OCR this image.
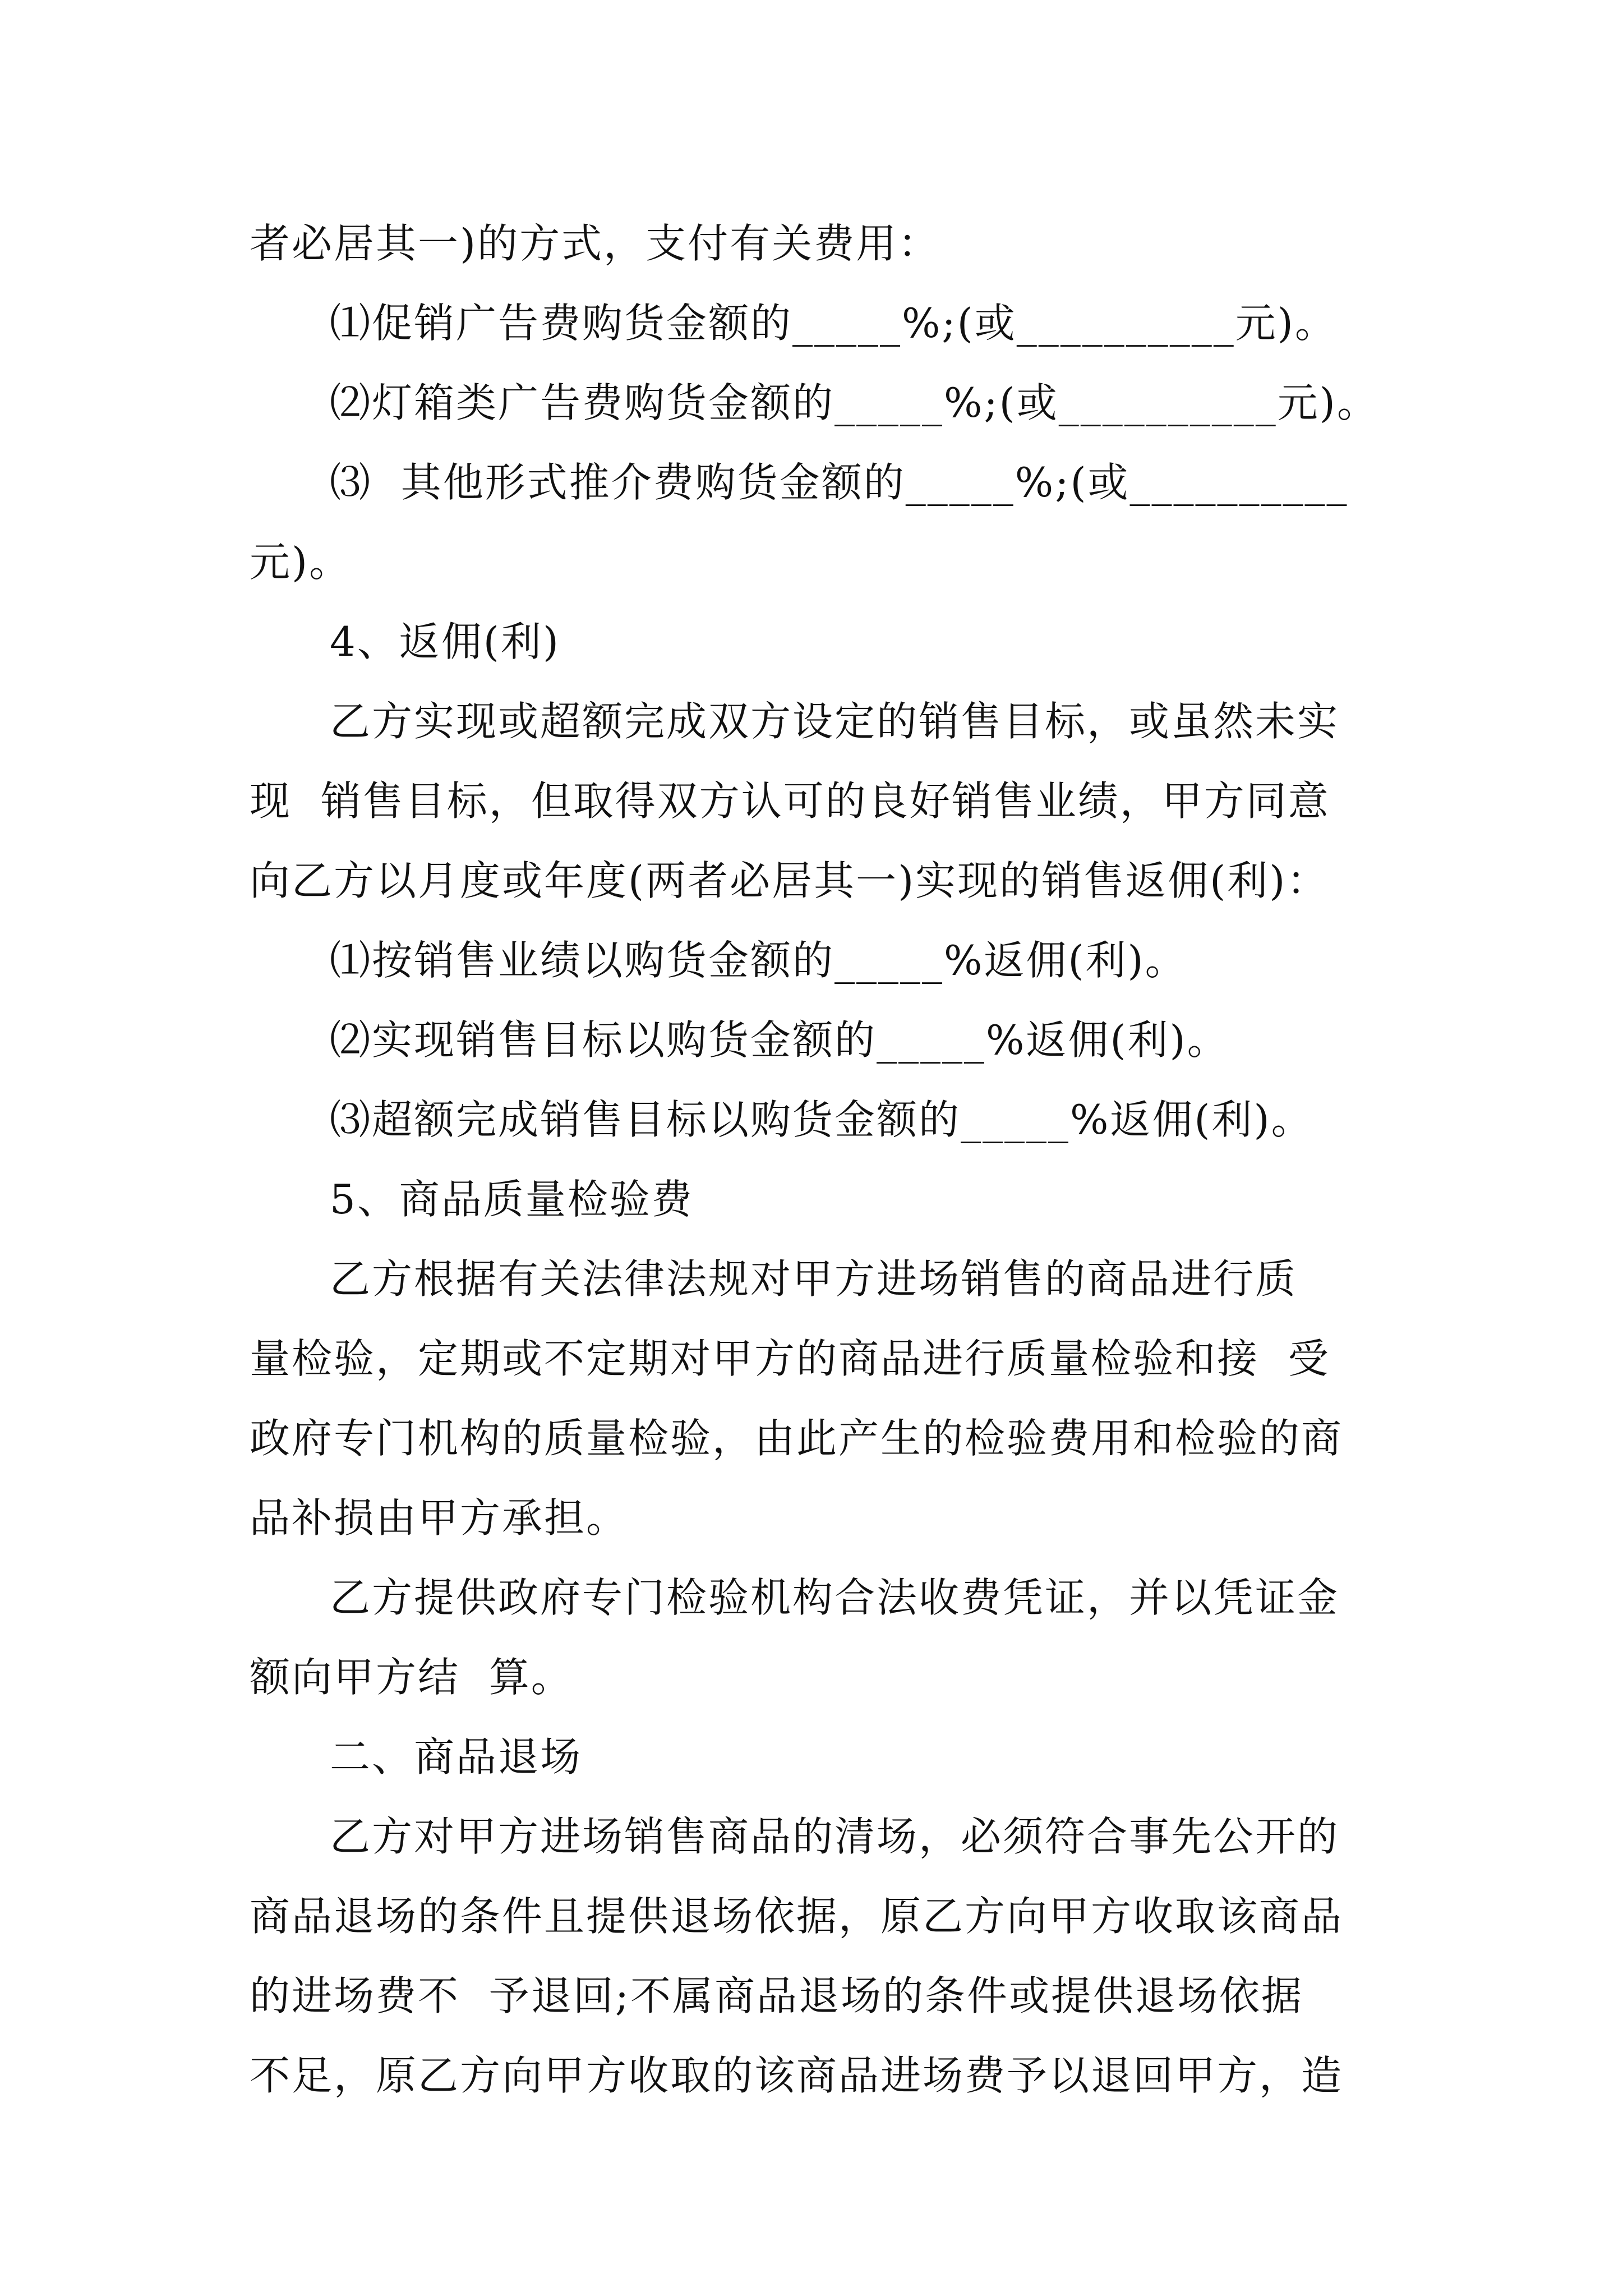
者必居其一)的方式，支付有关费用：
⑴促销广告费购货金额的_____%;(或__________元)。
⑵灯箱类广告费购货金额的_____%;(或__________元)。
⑶  其他形式推介费购货金额的_____%;(或__________
元)。
4、返佣(利)
乙方实现或超额完成双方设定的销售目标，或虽然未实
现  销售目标，但取得双方认可的良好销售业绩，甲方同意
向乙方以月度或年度(两者必居其一)实现的销售返佣(利)：
⑴按销售业绩以购货金额的_____%返佣(利)。
⑵实现销售目标以购货金额的_____%返佣(利)。
⑶超额完成销售目标以购货金额的_____%返佣(利)。
5、商品质量检验费
乙方根据有关法律法规对甲方进场销售的商品进行质
量检验，定期或不定期对甲方的商品进行质量检验和接  受
政府专门机构的质量检验，由此产生的检验费用和检验的商
品补损由甲方承担。
乙方提供政府专门检验机构合法收费凭证，并以凭证金
额向甲方结  算。
二、商品退场
乙方对甲方进场销售商品的清场，必须符合事先公开的
商品退场的条件且提供退场依据，原乙方向甲方收取该商品
的进场费不  予退回;不属商品退场的条件或提供退场依据
不足，原乙方向甲方收取的该商品进场费予以退回甲方，造
